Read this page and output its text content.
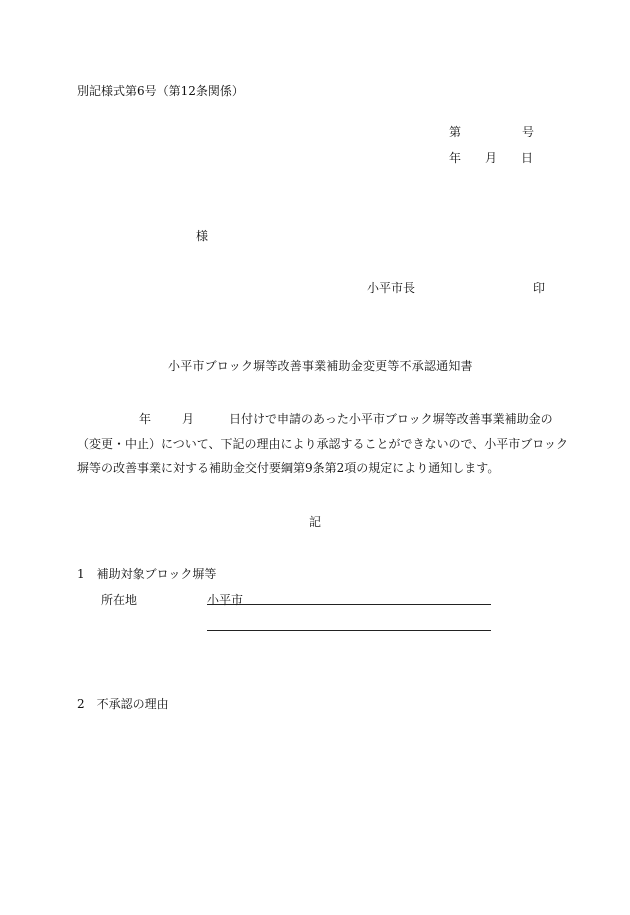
別記様式第6号（第12条関係）
第	号
年 月 日
様
小平市長	印
小平市ブロック塀等改善事業補助金変更等不承認通知書
年	月	日付けで申請のあった小平市ブロック塀等改善事業補助金の
（変更・中止）について、下記の理由により承認することができないので、小平市ブロック
塀等の改善事業に対する補助金交付要綱第9条第2項の規定により通知します。
記
1　補助対象ブロック塀等
所在地	小平市
2　不承認の理由
